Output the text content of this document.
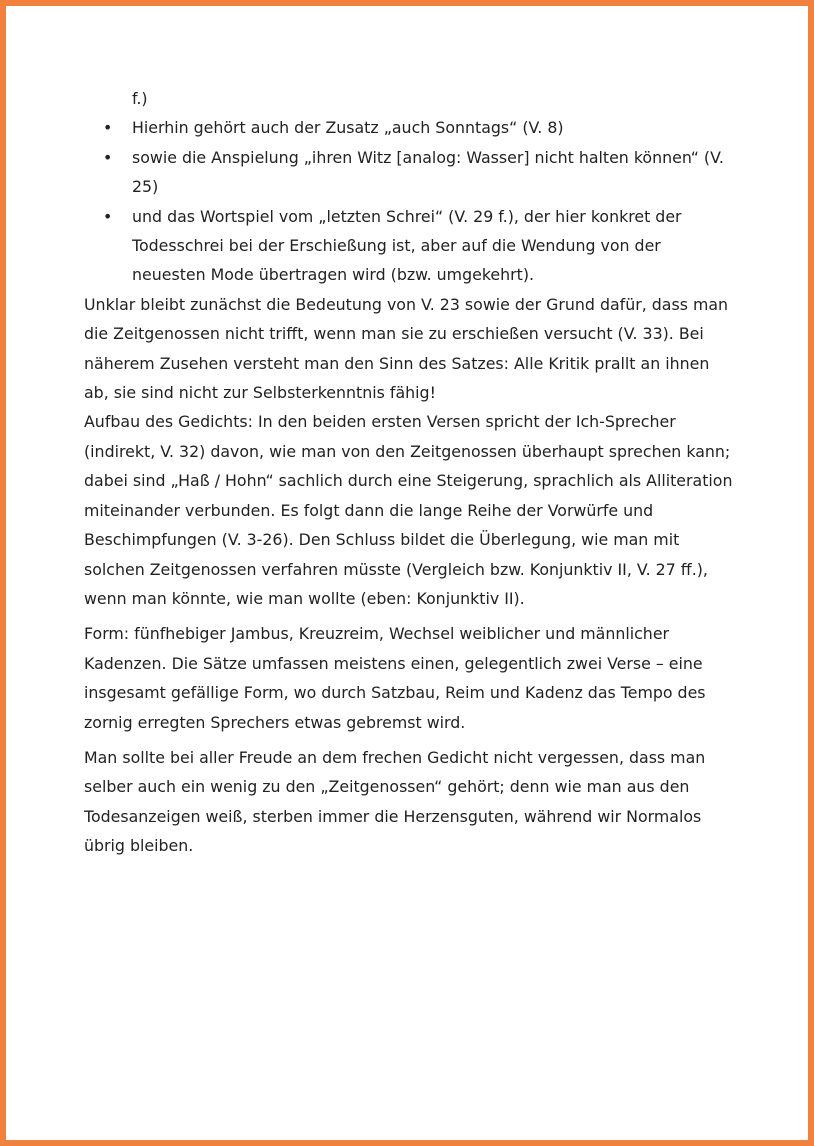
f.)

• Hierhin gehört auch der Zusatz „auch Sonntags“ (V. 8)
• sowie die Anspielung „ihren Witz [analog: Wasser] nicht halten können“ (V. 25)
• und das Wortspiel vom „letzten Schrei“ (V. 29 f.), der hier konkret der Todesschrei bei der Erschießung ist, aber auf die Wendung von der neuesten Mode übertragen wird (bzw. umgekehrt).

Unklar bleibt zunächst die Bedeutung von V. 23 sowie der Grund dafür, dass man die Zeitgenossen nicht trifft, wenn man sie zu erschießen versucht (V. 33). Bei näherem Zusehen versteht man den Sinn des Satzes: Alle Kritik prallt an ihnen ab, sie sind nicht zur Selbsterkenntnis fähig!

Aufbau des Gedichts: In den beiden ersten Versen spricht der Ich-Sprecher (indirekt, V. 32) davon, wie man von den Zeitgenossen überhaupt sprechen kann; dabei sind „Haß / Hohn“ sachlich durch eine Steigerung, sprachlich als Alliteration miteinander verbunden. Es folgt dann die lange Reihe der Vorwürfe und Beschimpfungen (V. 3-26). Den Schluss bildet die Überlegung, wie man mit solchen Zeitgenossen verfahren müsste (Vergleich bzw. Konjunktiv II, V. 27 ff.), wenn man könnte, wie man wollte (eben: Konjunktiv II).

Form: fünfhebiger Jambus, Kreuzreim, Wechsel weiblicher und männlicher Kadenzen. Die Sätze umfassen meistens einen, gelegentlich zwei Verse – eine insgesamt gefällige Form, wo durch Satzbau, Reim und Kadenz das Tempo des zornig erregten Sprechers etwas gebremst wird.

Man sollte bei aller Freude an dem frechen Gedicht nicht vergessen, dass man selber auch ein wenig zu den „Zeitgenossen“ gehört; denn wie man aus den Todesanzeigen weiß, sterben immer die Herzensguten, während wir Normalos übrig bleiben.
